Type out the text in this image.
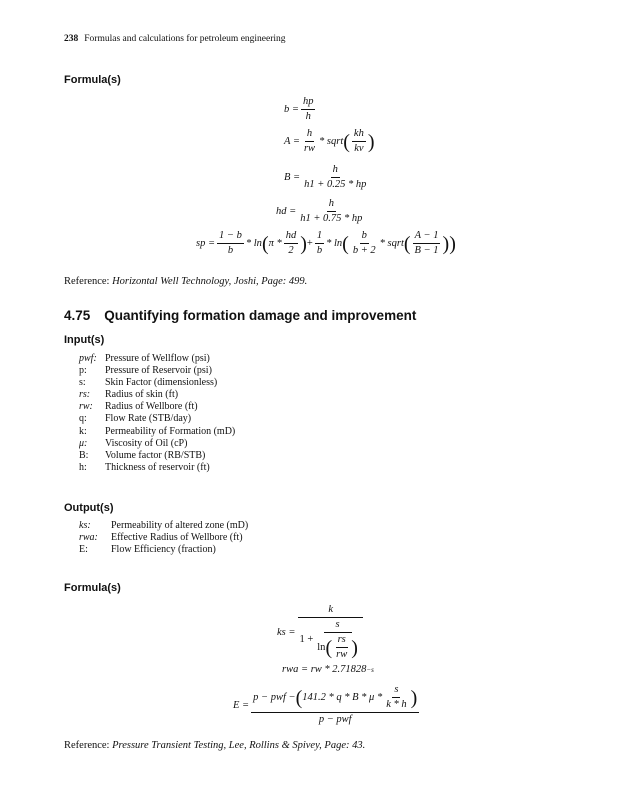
238 Formulas and calculations for petroleum engineering
Formula(s)
$b = \frac{hp}{h}$
$A = \frac{h}{rw}$ * sqrt ( $\frac{kh}{kv}$ )
$B = \frac{h}{h1 + 0.25 * hp}$
hd = $\frac{h}{h1 + 0.75 * hp}$
sp = $\frac{1 - b}{b}$ * ln ( π * $\frac{hd}{2}$ ) + $\frac{1}{b}$ * ln ( $\frac{b}{b + 2}$ * sqrt ( $\frac{A - 1}{B - 1}$ ))
Reference: Horizontal Well Technology, Joshi, Page: 499.
4.75 Quantifying formation damage and improvement
Input(s)
pwf: Pressure of Wellflow (psi)
p: Pressure of Reservoir (psi)
s: Skin Factor (dimensionless)
rs: Radius of skin (ft)
rw: Radius of Wellbore (ft)
q: Flow Rate (STB/day)
k: Permeability of Formation (mD)
μ: Viscosity of Oil (cP)
B: Volume factor (RB/STB)
h: Thickness of reservoir (ft)
Output(s)
ks: Permeability of altered zone (mD)
rwa: Effective Radius of Wellbore (ft)
E: Flow Efficiency (fraction)
Formula(s)
ks =
k
$1 + \frac{s}{\ln ( \frac{rs}{rw} )}$
rwa =
rw * 2.71828 −s
$E = \frac{p - pwf - ( 141.2 * q * B * \mu * \frac{s}{k * h} )}{\text{p − pwf}}$
Reference: Pressure Transient Testing, Lee, Rollins & Spivey, Page: 43.
